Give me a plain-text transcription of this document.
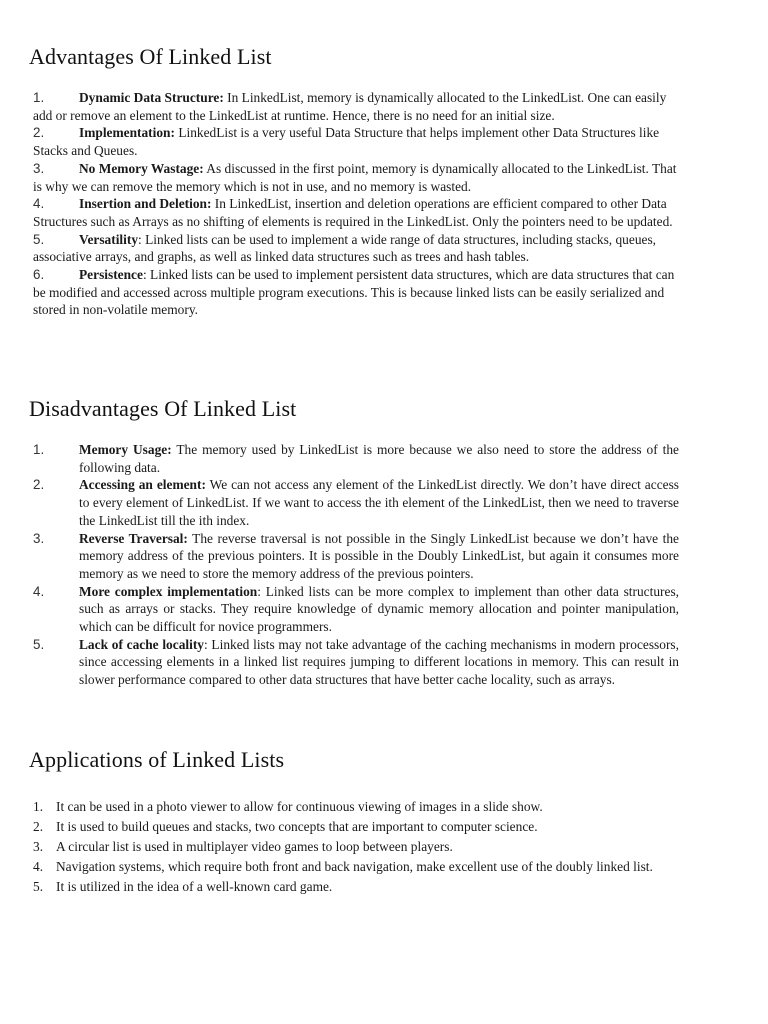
Advantages Of Linked List

1.	Dynamic Data Structure: In LinkedList, memory is dynamically allocated to the LinkedList. One can easily add or remove an element to the LinkedList at runtime. Hence, there is no need for an initial size.

2.	Implementation: LinkedList is a very useful Data Structure that helps implement other Data Structures like Stacks and Queues.

3.	No Memory Wastage: As discussed in the first point, memory is dynamically allocated to the LinkedList. That is why we can remove the memory which is not in use, and no memory is wasted.

4.	Insertion and Deletion: In LinkedList, insertion and deletion operations are efficient compared to other Data Structures such as Arrays as no shifting of elements is required in the LinkedList. Only the pointers need to be updated.

5.	Versatility: Linked lists can be used to implement a wide range of data structures, including stacks, queues, associative arrays, and graphs, as well as linked data structures such as trees and hash tables.

6.	Persistence: Linked lists can be used to implement persistent data structures, which are data structures that can be modified and accessed across multiple program executions. This is because linked lists can be easily serialized and stored in non-volatile memory.

Disadvantages Of Linked List
1.	Memory Usage: The memory used by LinkedList is more because we also need to store the address of the following data.
2.	Accessing an element: We can not access any element of the LinkedList directly. We don’t have direct access to every element of LinkedList. If we want to access the ith element of the LinkedList, then we need to traverse the LinkedList till the ith index.
3.	Reverse Traversal: The reverse traversal is not possible in the Singly LinkedList because we don’t have the memory address of the previous pointers. It is possible in the Doubly LinkedList, but again it consumes more memory as we need to store the memory address of the previous pointers.
4.	More complex implementation: Linked lists can be more complex to implement than other data structures, such as arrays or stacks. They require knowledge of dynamic memory allocation and pointer manipulation, which can be difficult for novice programmers.
5.	Lack of cache locality: Linked lists may not take advantage of the caching mechanisms in modern processors, since accessing elements in a linked list requires jumping to different locations in memory. This can result in slower performance compared to other data structures that have better cache locality, such as arrays.
Applications of Linked Lists
1. It can be used in a photo viewer to allow for continuous viewing of images in a slide show.
2. It is used to build queues and stacks, two concepts that are important to computer science.
3. A circular list is used in multiplayer video games to loop between players.
4. Navigation systems, which require both front and back navigation, make excellent use of the doubly linked list.
5. It is utilized in the idea of a well-known card game.
